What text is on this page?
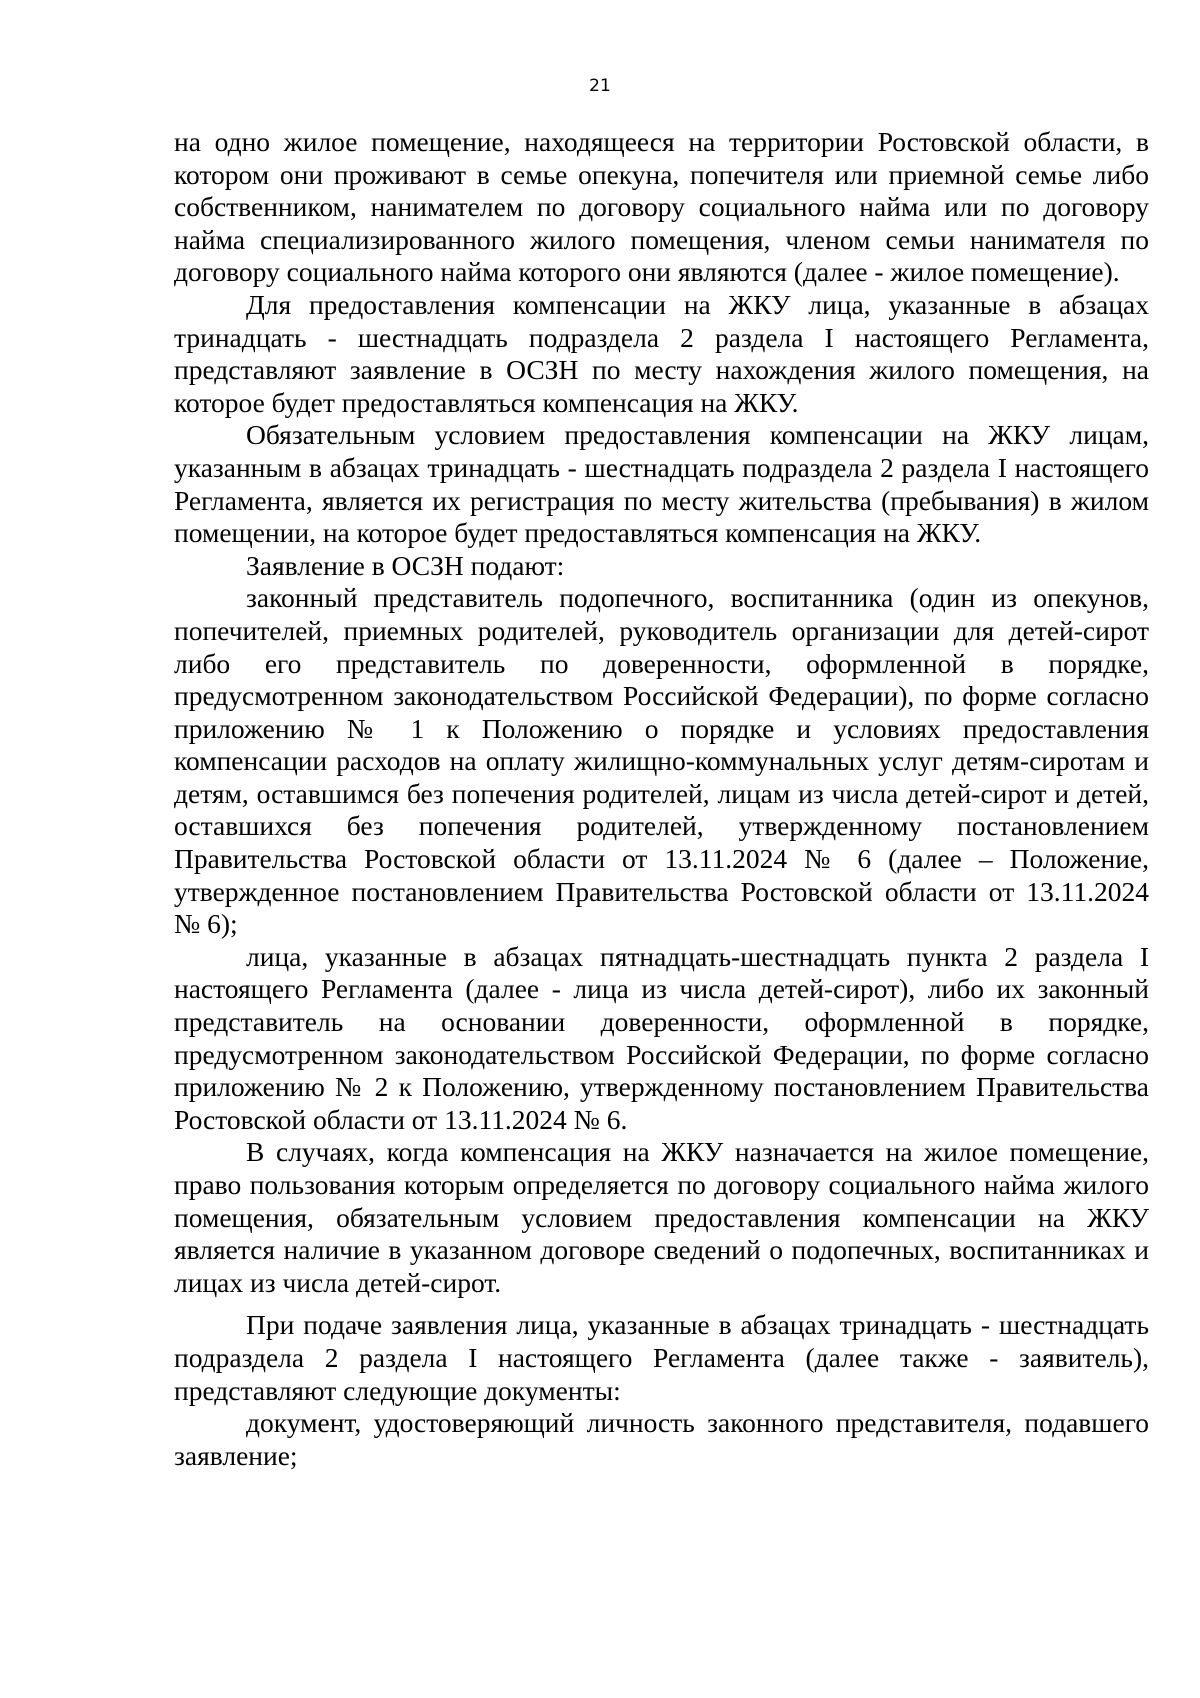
21

на одно жилое помещение, находящееся на территории Ростовской области, в котором они проживают в семье опекуна, попечителя или приемной семье либо собственником, нанимателем по договору социального найма или по договору найма специализированного жилого помещения, членом семьи нанимателя по договору социального найма которого они являются (далее - жилое помещение).

Для предоставления компенсации на ЖКУ лица, указанные в абзацах тринадцать - шестнадцать подраздела 2 раздела I настоящего Регламента, представляют заявление в ОСЗН по месту нахождения жилого помещения, на которое будет предоставляться компенсация на ЖКУ.

Обязательным условием предоставления компенсации на ЖКУ лицам, указанным в абзацах тринадцать - шестнадцать подраздела 2 раздела I настоящего Регламента, является их регистрация по месту жительства (пребывания) в жилом помещении, на которое будет предоставляться компенсация на ЖКУ.

Заявление в ОСЗН подают:

законный представитель подопечного, воспитанника (один из опекунов, попечителей, приемных родителей, руководитель организации для детей-сирот либо его представитель по доверенности, оформленной в порядке, предусмотренном законодательством Российской Федерации), по форме согласно приложению № 1 к Положению о порядке и условиях предоставления компенсации расходов на оплату жилищно-коммунальных услуг детям-сиротам и детям, оставшимся без попечения родителей, лицам из числа детей-сирот и детей, оставшихся без попечения родителей, утвержденному постановлением Правительства Ростовской области от 13.11.2024 № 6 (далее – Положение, утвержденное постановлением Правительства Ростовской области от 13.11.2024 № 6);

лица, указанные в абзацах пятнадцать-шестнадцать пункта 2 раздела I настоящего Регламента (далее - лица из числа детей-сирот), либо их законный представитель на основании доверенности, оформленной в порядке, предусмотренном законодательством Российской Федерации, по форме согласно приложению № 2 к Положению, утвержденному постановлением Правительства Ростовской области от 13.11.2024 № 6.

В случаях, когда компенсация на ЖКУ назначается на жилое помещение, право пользования которым определяется по договору социального найма жилого помещения, обязательным условием предоставления компенсации на ЖКУ является наличие в указанном договоре сведений о подопечных, воспитанниках и лицах из числа детей-сирот.

При подаче заявления лица, указанные в абзацах тринадцать - шестнадцать подраздела 2 раздела I настоящего Регламента (далее также - заявитель), представляют следующие документы:

документ, удостоверяющий личность законного представителя, подавшего заявление;
